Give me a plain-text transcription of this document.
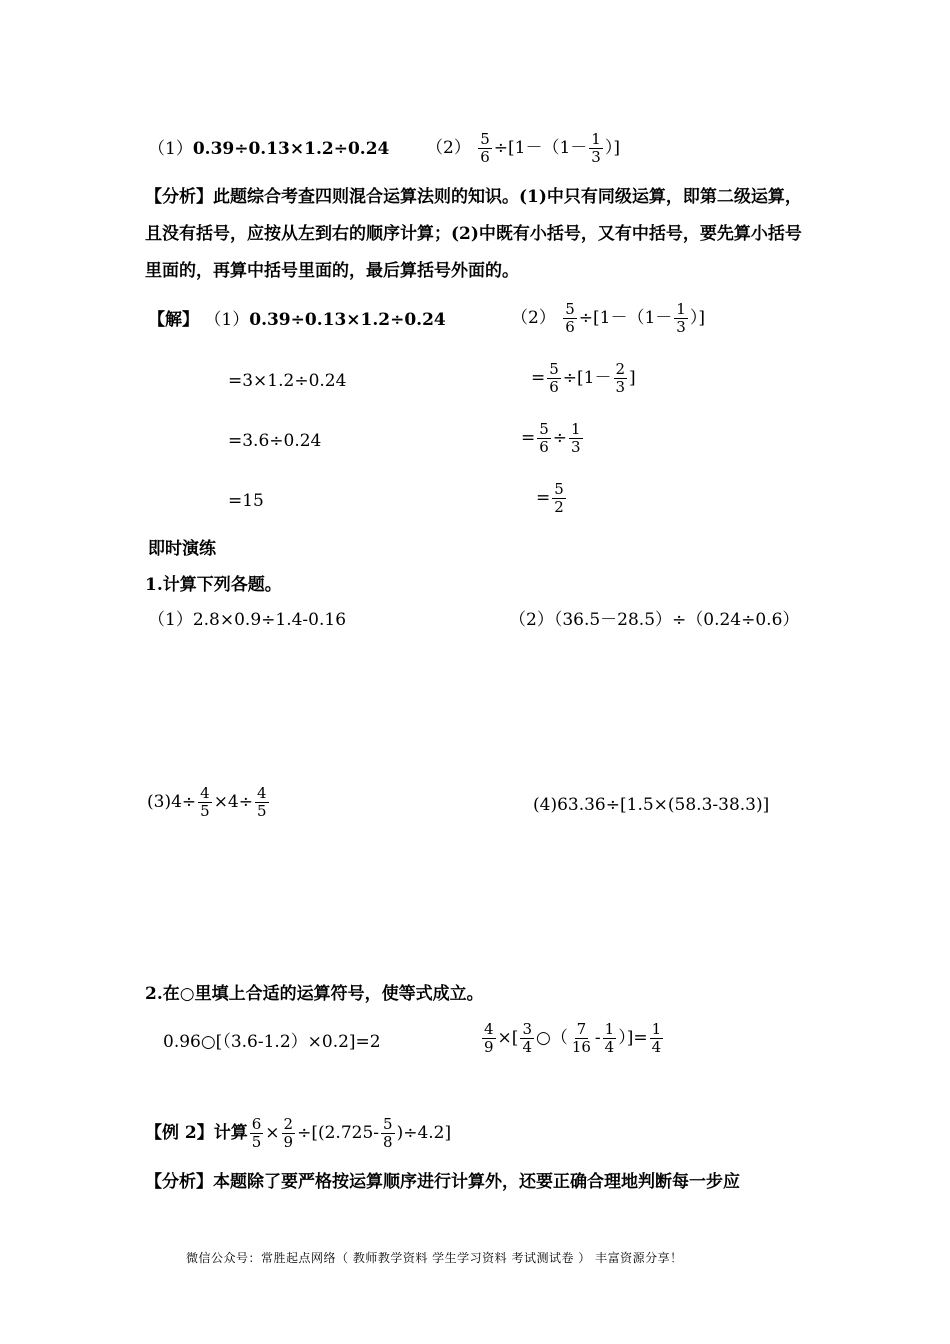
（1）0.39÷0.13×1.2÷0.24 $(2) \frac{5}{6} \div[1-(1- \frac{1}{3}$ ）]
【分析】此题综合考查四则混合运算法则的知识。(1)中只有同级运算，即第二级运算，且没有括号，应按从左到右的顺序计算；(2)中既有小括号，又有中括号，要先算小括号里面的，再算中括号里面的，最后算括号外面的。
【解】 （1）0.39÷0.13×1.2÷0.24
=3×1.2÷0.24
=3.6÷0.24
=15
$(2) \frac{5}{6} \div[1-(1- \frac{1}{3}$ ）]
= $\frac{5}{6} \div[1- \frac{2}{3}$ ]
= $\frac{5}{6} \div \frac{1}{3}$
= $\frac{5}{2}$
即时演练
1.计算下列各题。
（1）2.8×0.9÷1.4-0.16	（2）（36.5－28.5）÷（0.24÷0.6）
$(3)4\div \frac{4}{5} \times 4\div \frac{4}{5}$	(4)63.36÷[1.5×(58.3-38.3)]
2.在○里填上合适的运算符号，使等式成立。
0.96○[（3.6-1.2）×0.2]=2	$\frac{4}{9}$ ×[ $\frac{3}{4}$ ○（ $\frac{7}{16} - \frac{1}{4}$ ）]= $\frac{1}{4}$
【例 2】计算 $\frac{6}{5} \times \frac{2}{9} \div[(2.725- \frac{5}{8} )\div 4.2]$
【分析】本题除了要严格按运算顺序进行计算外，还要正确合理地判断每一步应
微信公众号：常胜起点网络（ 教师教学资料 学生学习资料 考试测试卷 ） 丰富资源分享！
